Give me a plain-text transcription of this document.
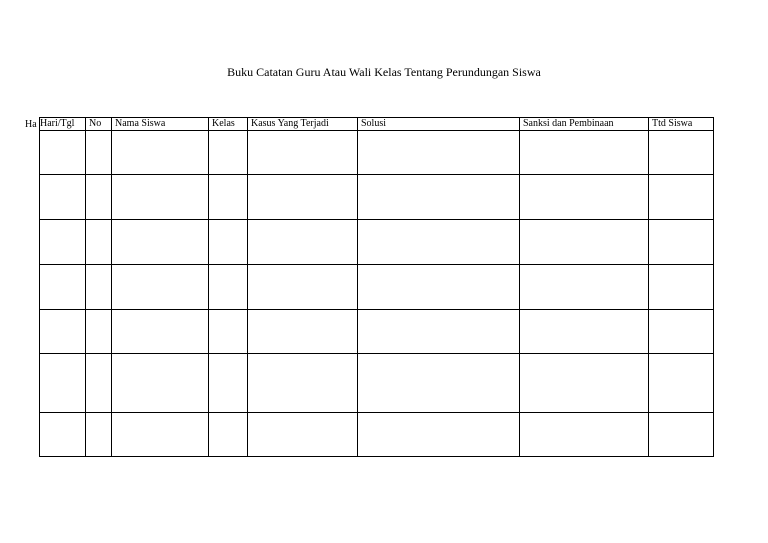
Buku Catatan Guru Atau Wali Kelas Tentang Perundungan Siswa
Ha Hari/Tgl	No	Nama Siswa	Kelas	Kasus Yang Terjadi	Solusi	Sanksi dan Pembinaan	Ttd Siswa
